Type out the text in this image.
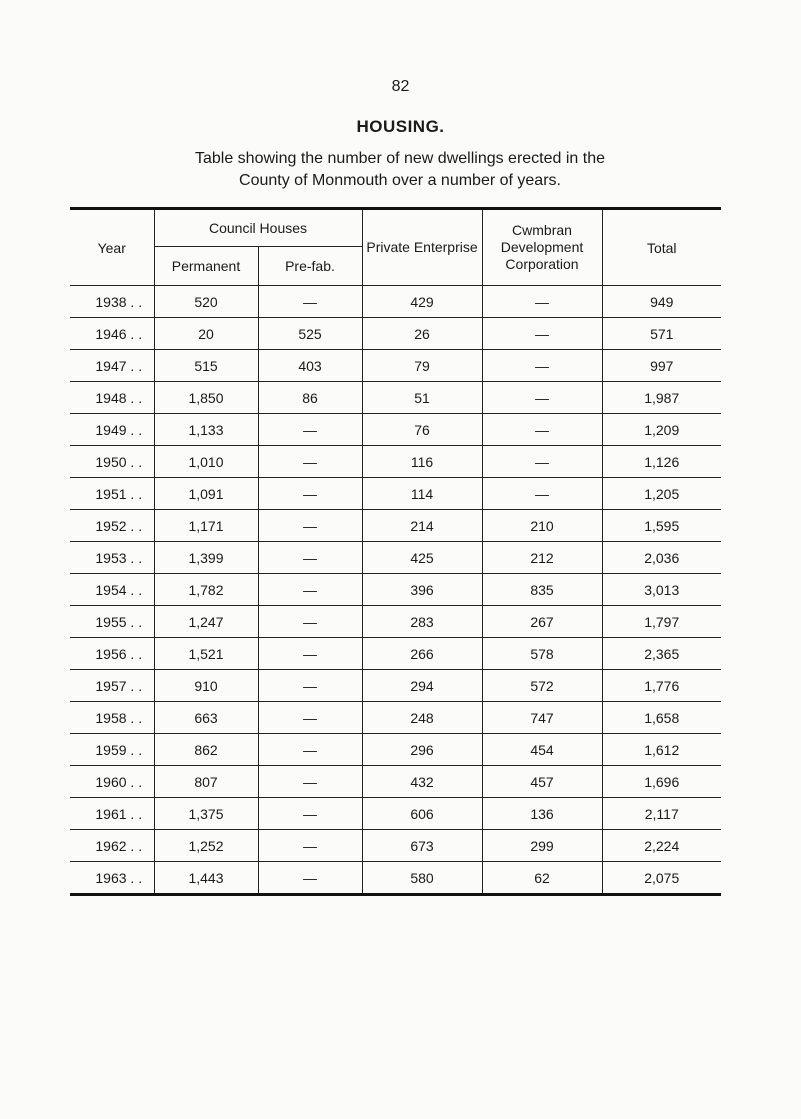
82
HOUSING.
Table showing the number of new dwellings erected in the County of Monmouth over a number of years.
Year	Council Houses		Private Enterprise	Cwmbran Development Corporation	Total
	Permanent	Pre-fab.			
1938 . .	520	—	429	—	949
1946 . .	20	525	26	—	571
1947 . .	515	403	79	—	997
1948 . .	1,850	86	51	—	1,987
1949 . .	1,133	—	76	—	1,209
1950 . .	1,010	—	116	—	1,126
1951 . .	1,091	—	114	—	1,205
1952 . .	1,171	—	214	210	1,595
1953 . .	1,399	—	425	212	2,036
1954 . .	1,782	—	396	835	3,013
1955 . .	1,247	—	283	267	1,797
1956 . .	1,521	—	266	578	2,365
1957 . .	910	—	294	572	1,776
1958 . .	663	—	248	747	1,658
1959 . .	862	—	296	454	1,612
1960 . .	807	—	432	457	1,696
1961 . .	1,375	—	606	136	2,117
1962 . .	1,252	—	673	299	2,224
1963 . .	1,443	—	580	62	2,075
